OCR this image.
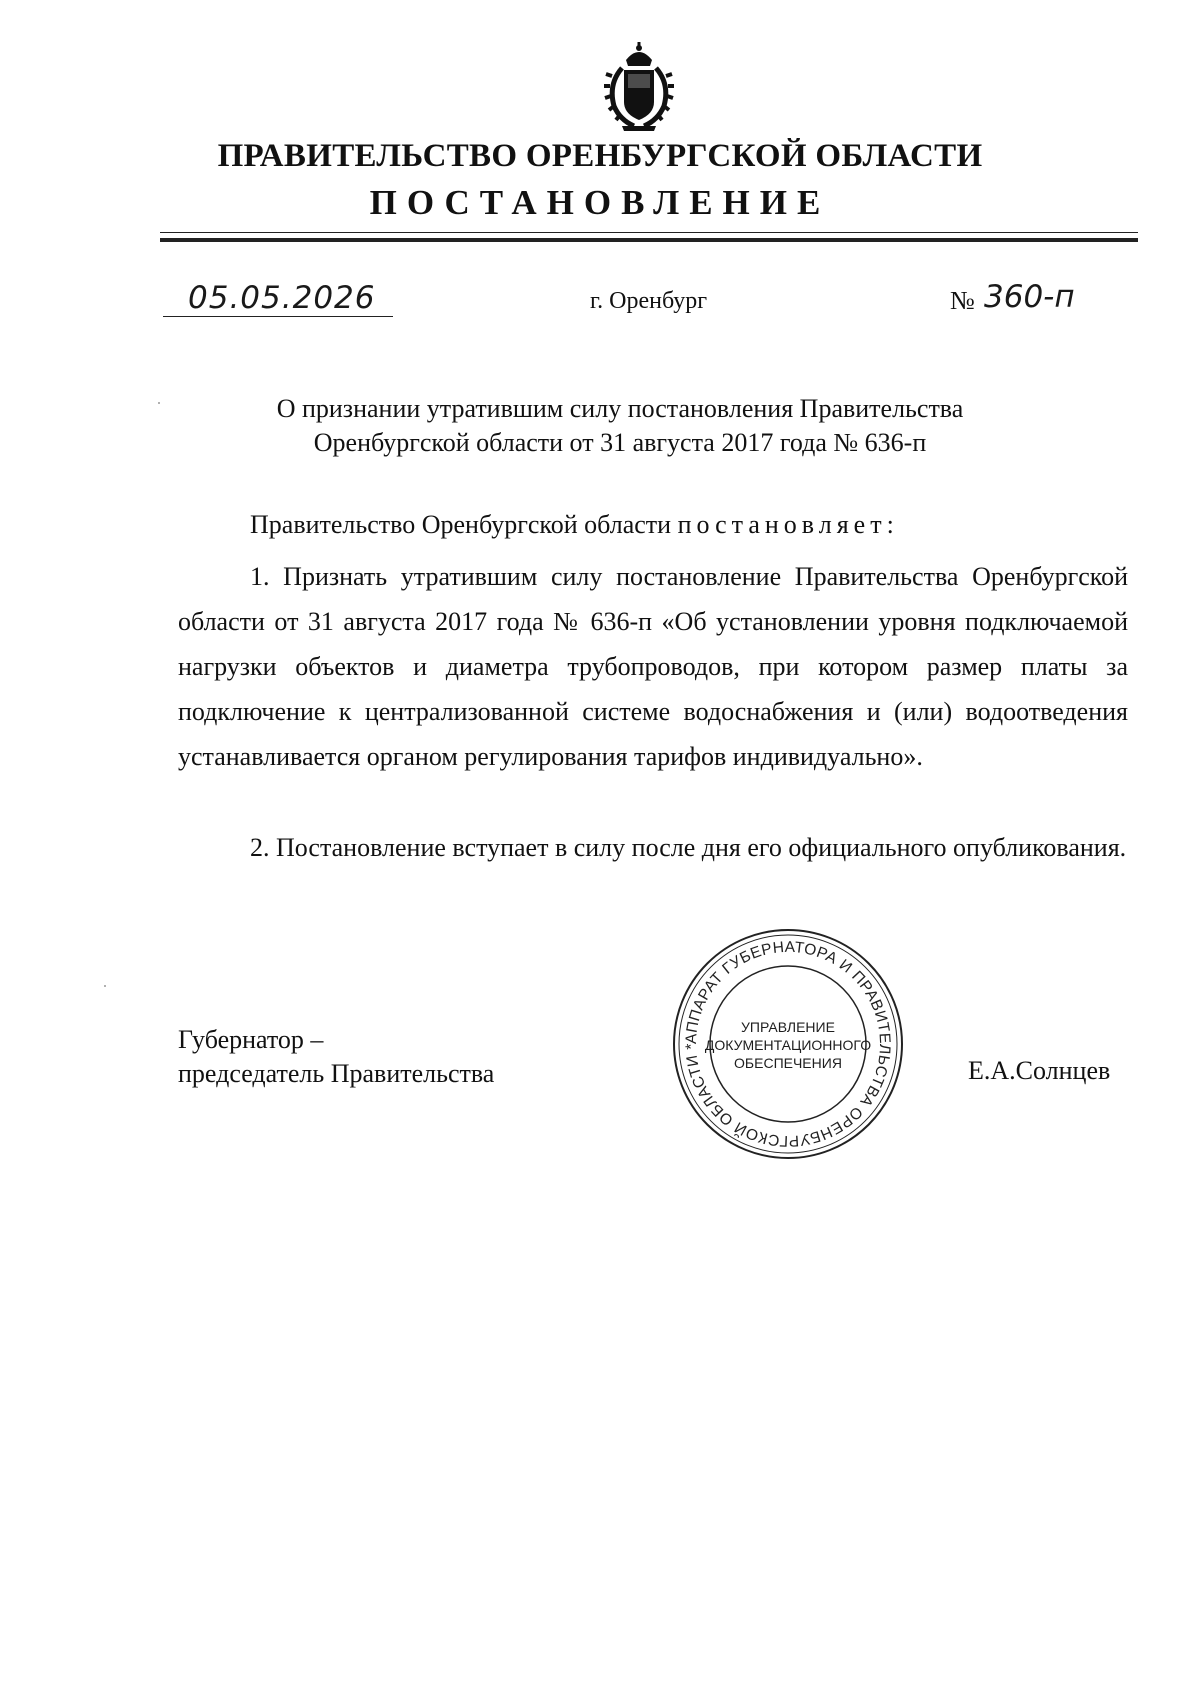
ПРАВИТЕЛЬСТВО ОРЕНБУРГСКОЙ ОБЛАСТИ
ПОСТАНОВЛЕНИЕ
05.05.2026	г. Оренбург	№ 360-п
О признании утратившим силу постановления Правительства
Оренбургской области от 31 августа 2017 года № 636-п
Правительство Оренбургской области постановляет:
1. Признать утратившим силу постановление Правительства Оренбургской области от 31 августа 2017 года № 636-п «Об установлении уровня подключаемой нагрузки объектов и диаметра трубопроводов, при котором размер платы за подключение к централизованной системе водоснабжения и (или) водоотведения устанавливается органом регулирования тарифов индивидуально».
2. Постановление вступает в силу после дня его официального опубликования.
Губернатор –
председатель Правительства	Е.А.Солнцев
АППАРАТ ГУБЕРНАТОРА И ПРАВИТЕЛЬСТВА ОРЕНБУРГСКОЙ ОБЛАСТИ *
УПРАВЛЕНИЕ
ДОКУМЕНТАЦИОННОГО
ОБЕСПЕЧЕНИЯ
